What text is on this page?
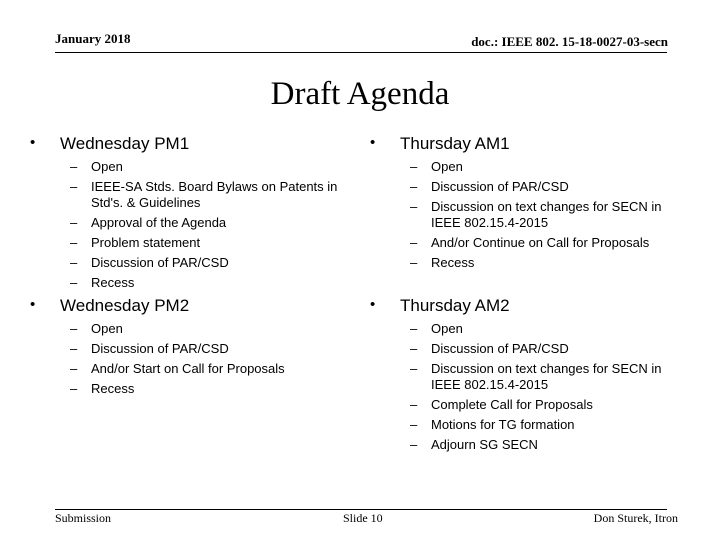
January 2018	doc.: IEEE 802. 15-18-0027-03-secn
Draft Agenda
• Wednesday PM1
– Open
– IEEE-SA Stds. Board Bylaws on Patents in Std's. & Guidelines
– Approval of the Agenda
– Problem statement
– Discussion of PAR/CSD
– Recess
• Wednesday PM2
– Open
– Discussion of PAR/CSD
– And/or Start on Call for Proposals
– Recess
• Thursday AM1
– Open
– Discussion of PAR/CSD
– Discussion on text changes for SECN in IEEE 802.15.4-2015
– And/or Continue on Call for Proposals
– Recess
• Thursday AM2
– Open
– Discussion of PAR/CSD
– Discussion on text changes for SECN in IEEE 802.15.4-2015
– Complete Call for Proposals
– Motions for TG formation
– Adjourn SG SECN
Submission	Slide 10	Don Sturek, Itron
